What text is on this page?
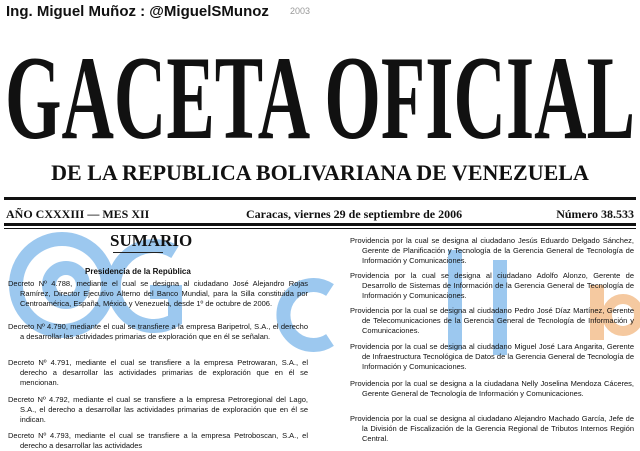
Ing. Miguel Muñoz : @MiguelSMunoz 2003
GACETA OFICIAL
DE LA REPUBLICA BOLIVARIANA DE VENEZUELA
AÑO CXXXIII — MES XII	Caracas, viernes 29 de septiembre de 2006	Número 38.533
SUMARIO
Presidencia de la República
Decreto Nº 4.788, mediante el cual se designa al ciudadano José Alejandro Rojas Ramírez, Director Ejecutivo Alterno del Banco Mundial, para la Silla constituida por Centroamérica, España, México y Venezuela, desde 1º de octubre de 2006.
Decreto Nº 4.790, mediante el cual se transfiere a la empresa Baripetrol, S.A., el derecho a desarrollar las actividades primarias de exploración que en él se señalan.
Decreto Nº 4.791, mediante el cual se transfiere a la empresa Petrowaran, S.A., el derecho a desarrollar las actividades primarias de exploración que en él se mencionan.
Decreto Nº 4.792, mediante el cual se transfiere a la empresa Petroregional del Lago, S.A., el derecho a desarrollar las actividades primarias de exploración que en él se indican.
Decreto Nº 4.793, mediante el cual se transfiere a la empresa Petroboscan, S.A., el derecho a desarrollar las actividades
Providencia por la cual se designa al ciudadano Jesús Eduardo Delgado Sánchez, Gerente de Planificación y Tecnología de la Gerencia General de Tecnología de Información y Comunicaciones.
Providencia por la cual se designa al ciudadano Adolfo Alonzo, Gerente de Desarrollo de Sistemas de Información de la Gerencia General de Tecnología de Información y Comunicaciones.
Providencia por la cual se designa al ciudadano Pedro José Díaz Martínez, Gerente de Telecomunicaciones de la Gerencia General de Tecnología de Información y Comunicaciones.
Providencia por la cual se designa al ciudadano Miguel José Lara Angarita, Gerente de Infraestructura Tecnológica de Datos de la Gerencia General de Tecnología de Información y Comunicaciones.
Providencia por la cual se designa a la ciudadana Nelly Joselina Mendoza Cáceres, Gerente General de Tecnología de Información y Comunicaciones.
Providencia por la cual se designa al ciudadano Alejandro Machado García, Jefe de la División de Fiscalización de la Gerencia Regional de Tributos Internos Región Central.
